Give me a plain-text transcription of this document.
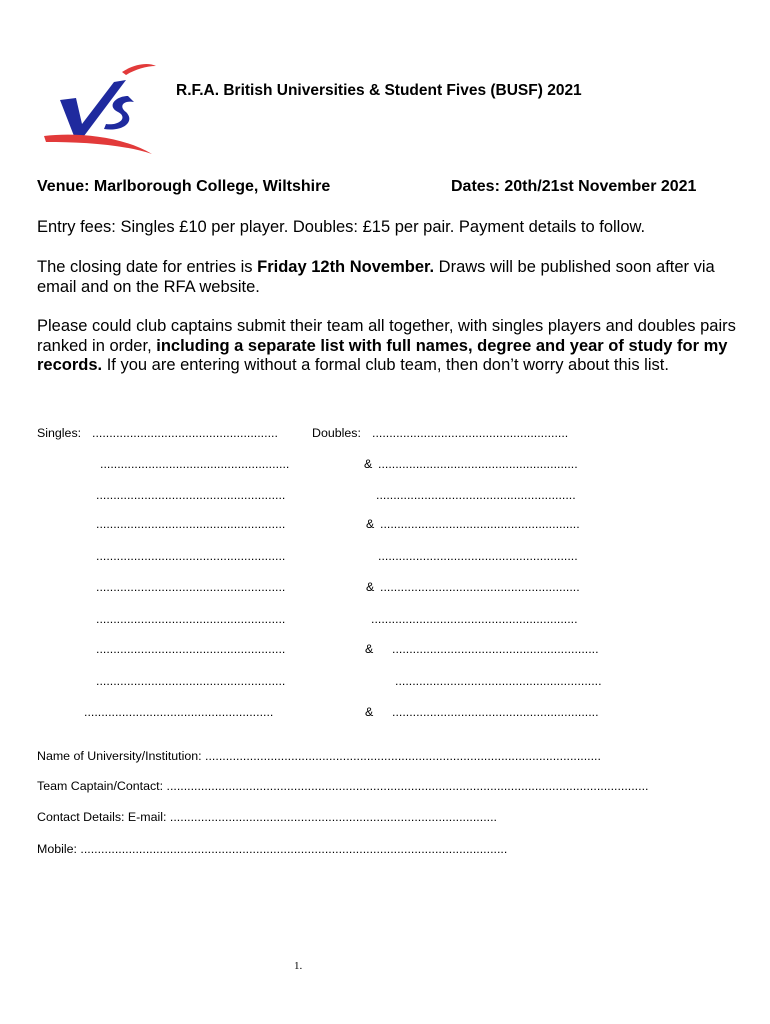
R.F.A. British Universities & Student Fives (BUSF) 2021
Venue: Marlborough College, Wiltshire	Dates: 20th/21st November 2021
Entry fees: Singles £10 per player. Doubles: £15 per pair. Payment details to follow.
The closing date for entries is Friday 12th November. Draws will be published soon after via email and on the RFA website.
Please could club captains submit their team all together, with singles players and doubles pairs ranked in order, including a separate list with full names, degree and year of study for my records. If you are entering without a formal club team, then don’t worry about this list.
Singles: ......................................................	Doubles: .........................................................
.......................................................
.......................................................
.......................................................
.......................................................
.......................................................
.......................................................
.......................................................
.......................................................
.......................................................
& ..........................................................
..........................................................
& ..........................................................
..........................................................
& ..........................................................
............................................................
& ............................................................
............................................................
& ............................................................
Name of University/Institution: ...................................................................................................................
Team Captain/Contact: ............................................................................................................................................
Contact Details: E-mail: ...............................................................................................
Mobile: ............................................................................................................................
1.
